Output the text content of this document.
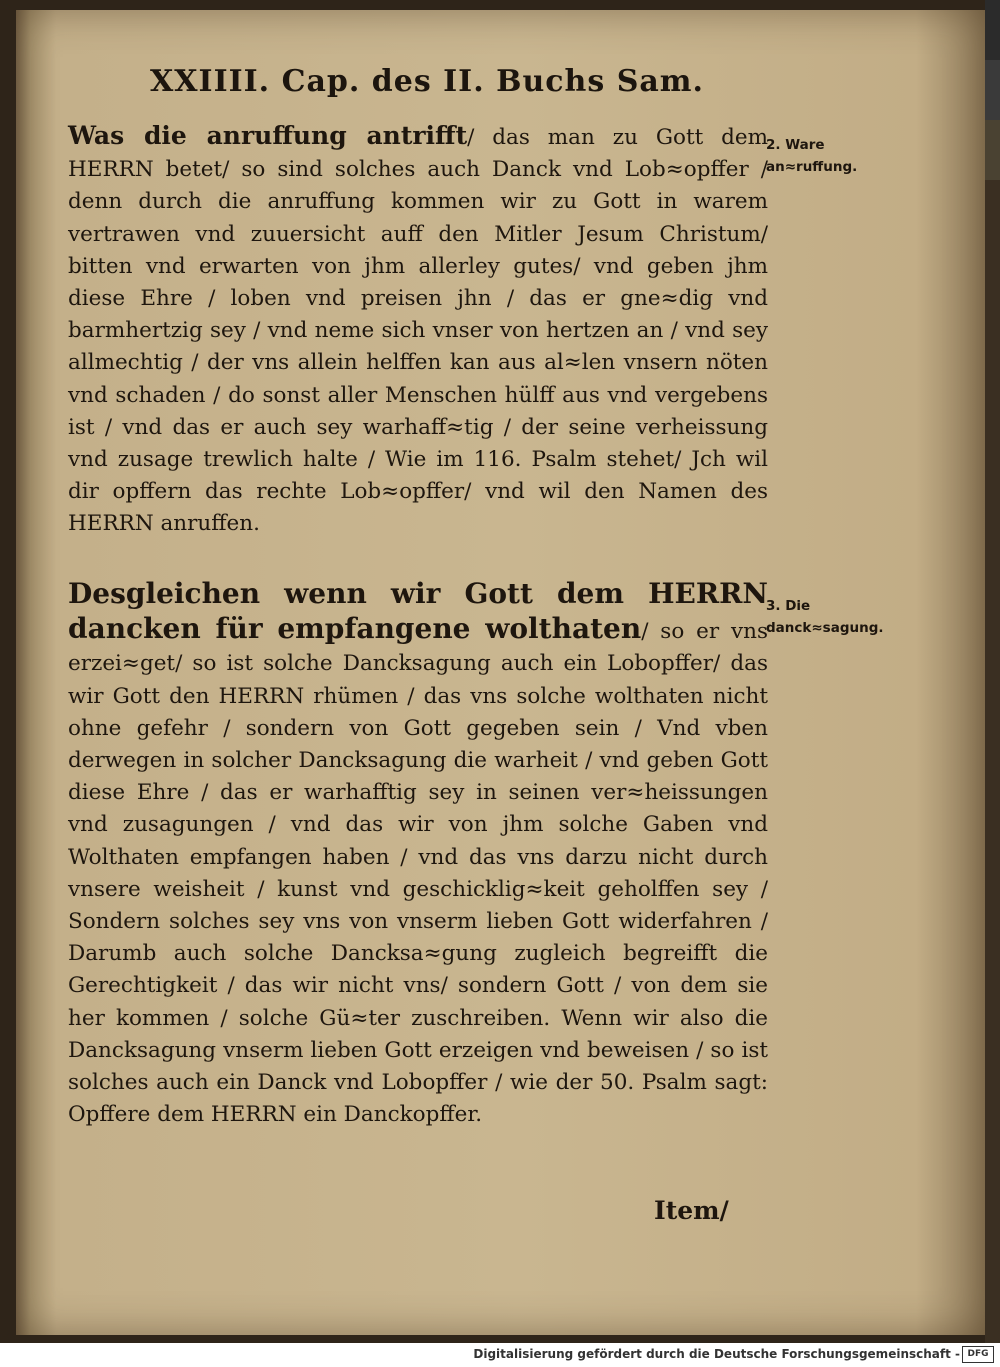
XXIIII. Cap. des II. Buchs Sam.

Was die anruffung antrifft/ das man zu Gott dem HERRN betet/ so sind solches auch Danck vnd Lob≈opffer / denn durch die anruffung kommen wir zu Gott in warem vertrawen vnd zuuersicht auff den Mitler Jesum Christum/ bitten vnd erwarten von jhm allerley gutes/ vnd geben jhm diese Ehre / loben vnd preisen jhn / das er gne≈dig vnd barmhertzig sey / vnd neme sich vnser von hertzen an / vnd sey allmechtig / der vns allein helffen kan aus al≈len vnsern nöten vnd schaden / do sonst aller Menschen hülff aus vnd vergebens ist / vnd das er auch sey warhaff≈tig / der seine verheissung vnd zusage trewlich halte / Wie im 116. Psalm stehet/ Jch wil dir opffern das rechte Lob≈opffer/ vnd wil den Namen des HERRN anruffen.

2. Ware an≈ruffung.

Desgleichen wenn wir Gott dem HERRN dancken für empfangene wolthaten/ so er vns erzei≈get/ so ist solche Dancksagung auch ein Lobopffer/ das wir Gott den HERRN rhümen / das vns solche wolthaten nicht ohne gefehr / sondern von Gott gegeben sein / Vnd vben derwegen in solcher Dancksagung die warheit / vnd geben Gott diese Ehre / das er warhafftig sey in seinen ver≈heissungen vnd zusagungen / vnd das wir von jhm solche Gaben vnd Wolthaten empfangen haben / vnd das vns darzu nicht durch vnsere weisheit / kunst vnd geschicklig≈keit geholffen sey / Sondern solches sey vns von vnserm lieben Gott widerfahren / Darumb auch solche Dancksa≈gung zugleich begreifft die Gerechtigkeit / das wir nicht vns/ sondern Gott / von dem sie her kommen / solche Gü≈ter zuschreiben. Wenn wir also die Dancksagung vnserm lieben Gott erzeigen vnd beweisen / so ist solches auch ein Danck vnd Lobopffer / wie der 50. Psalm sagt: Opffere dem HERRN ein Danckopffer.

3. Die danck≈sagung.
Item/
Digitalisierung gefördert durch die Deutsche Forschungsgemeinschaft - DFG
